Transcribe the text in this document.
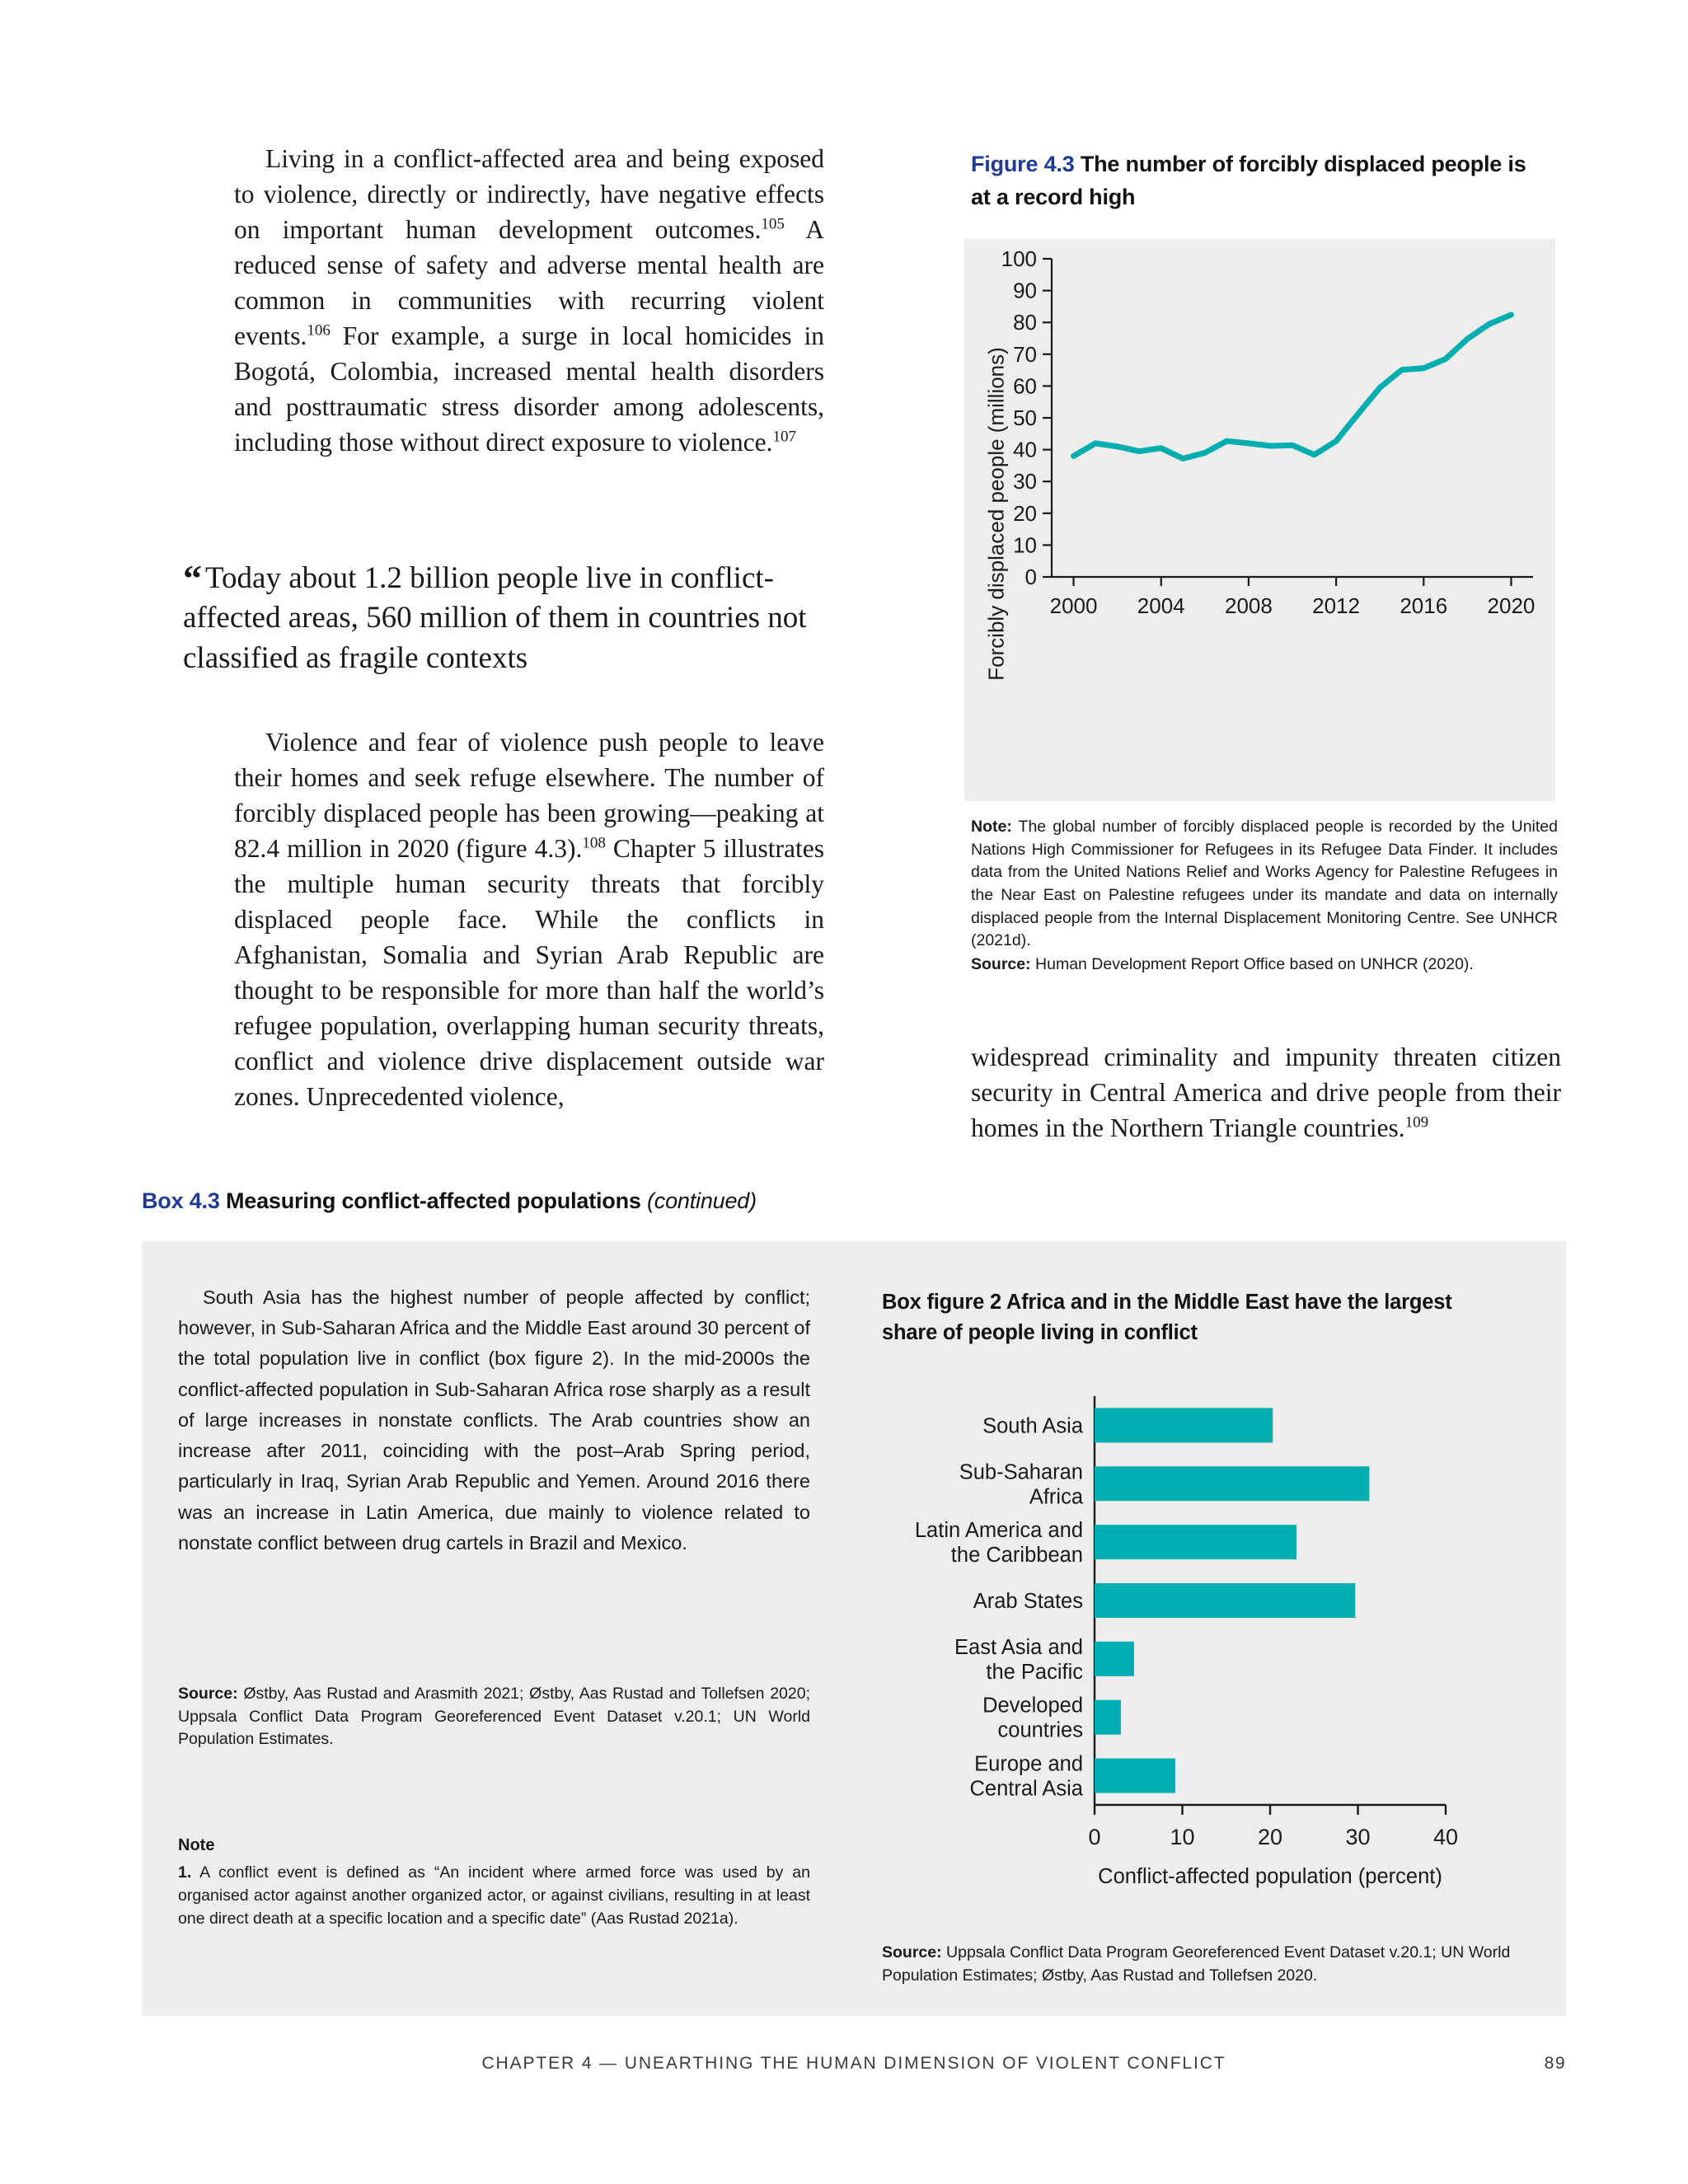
Living in a conflict-affected area and being exposed to violence, directly or indirectly, have negative effects on important human development outcomes.$^{105}$ A reduced sense of safety and adverse mental health are common in communities with recurring violent events.$^{106}$ For example, a surge in local homicides in Bogotá, Colombia, increased mental health disorders and posttraumatic stress disorder among adolescents, including those without direct exposure to violence.$^{107}$

“ Today about 1.2 billion people live in conflict-affected areas, 560 million of them in countries not classified as fragile contexts

Violence and fear of violence push people to leave their homes and seek refuge elsewhere. The number of forcibly displaced people has been growing—peaking at 82.4 million in 2020 (figure 4.3).$^{108}$ Chapter 5 illustrates the multiple human security threats that forcibly displaced people face. While the conflicts in Afghanistan, Somalia and Syrian Arab Republic are thought to be responsible for more than half the world’s refugee population, overlapping human security threats, conflict and violence drive displacement outside war zones. Unprecedented violence,

Figure 4.3 The number of forcibly displaced people is at a record high
Forcibly displaced people (millions) 0
10
20
30
40
50
60
70
80
90
100
2000 2004 2008 2012 2016 2020
Note: The global number of forcibly displaced people is recorded by the United Nations High Commissioner for Refugees in its Refugee Data Finder. It includes data from the United Nations Relief and Works Agency for Palestine Refugees in the Near East on Palestine refugees under its mandate and data on internally displaced people from the Internal Displacement Monitoring Centre. See UNHCR (2021d).
Source: Human Development Report Office based on UNHCR (2020).

widespread criminality and impunity threaten citizen security in Central America and drive people from their homes in the Northern Triangle countries.$^{109}$

Box 4.3 Measuring conflict-affected populations (continued)

South Asia has the highest number of people affected by conflict; however, in Sub-Saharan Africa and the Middle East around 30 percent of the total population live in conflict (box figure 2). In the mid-2000s the conflict-affected population in Sub-Saharan Africa rose sharply as a result of large increases in nonstate conflicts. The Arab countries show an increase after 2011, coinciding with the post–Arab Spring period, particularly in Iraq, Syrian Arab Republic and Yemen. Around 2016 there was an increase in Latin America, due mainly to violence related to nonstate conflict between drug cartels in Brazil and Mexico.

Source: Østby, Aas Rustad and Arasmith 2021; Østby, Aas Rustad and Tollefsen 2020; Uppsala Conflict Data Program Georeferenced Event Dataset v.20.1; UN World Population Estimates.
Note
1. A conflict event is defined as “An incident where armed force was used by an organised actor against another organized actor, or against civilians, resulting in at least one direct death at a specific location and a specific date” (Aas Rustad 2021a).
Box figure 2 Africa and in the Middle East have the largest share of people living in conflict
South Asia
Sub-Saharan
Africa
Latin America and
the Caribbean
Arab States
East Asia and
the Pacific
Developed
countries
Europe and
Central Asia
0	10	20	30	40
Conflict-affected population (percent)
Source: Uppsala Conflict Data Program Georeferenced Event Dataset v.20.1; UN World Population Estimates; Østby, Aas Rustad and Tollefsen 2020.
CHAPTER 4 — UNEARTHING THE HUMAN DIMENSION OF VIOLENT CONFLICT	89
